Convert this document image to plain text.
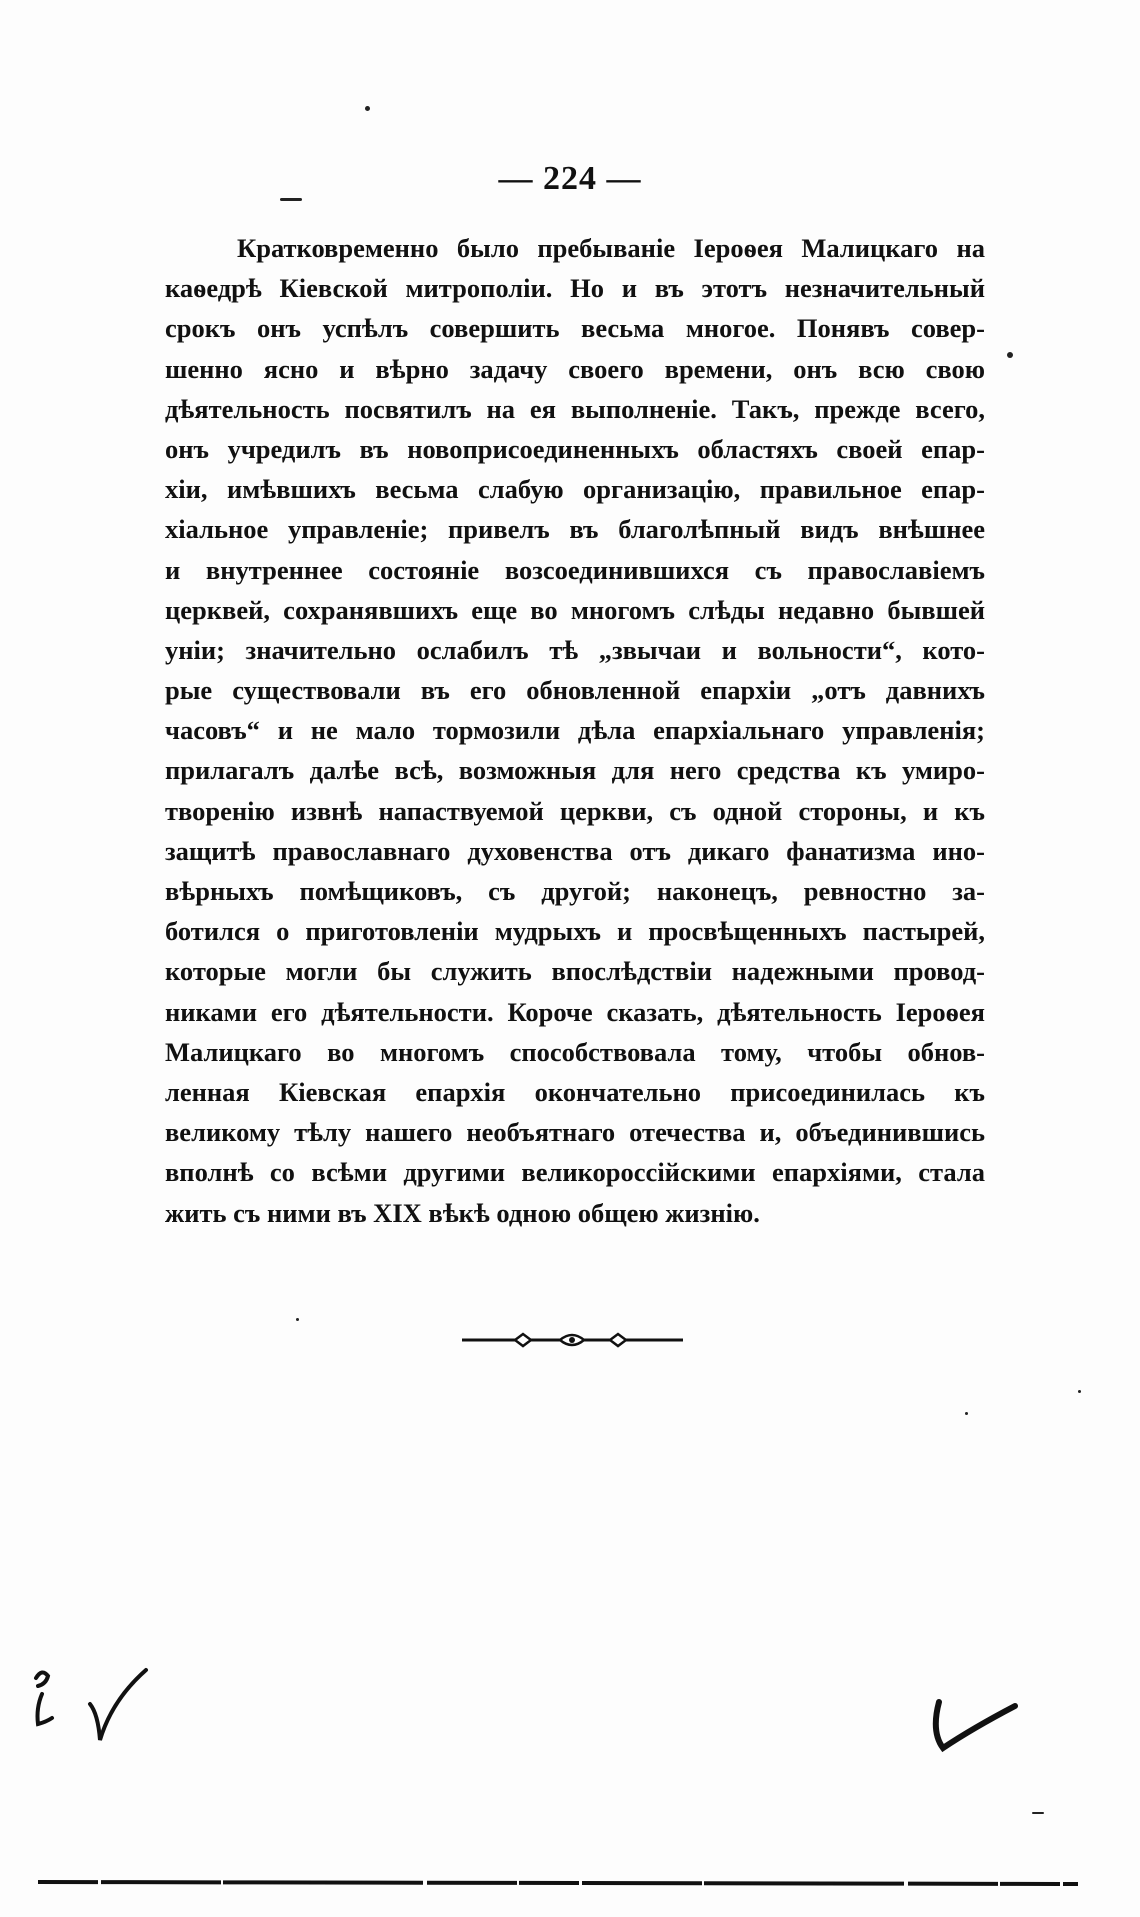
— 224 —
Кратковременно было пребываніе Іероѳея Малицкаго на
каѳедрѣ Кіевской митрополіи. Но и въ этотъ незначительный
срокъ онъ успѣлъ совершить весьма многое. Понявъ совер-
шенно ясно и вѣрно задачу своего времени, онъ всю свою
дѣятельность посвятилъ на ея выполненіе. Такъ, прежде всего,
онъ учредилъ въ новоприсоединенныхъ областяхъ своей епар-
хіи, имѣвшихъ весьма слабую организацію, правильное епар-
хіальное управленіе; привелъ въ благолѣпный видъ внѣшнее
и внутреннее состояніе возсоединившихся съ православіемъ
церквей, сохранявшихъ еще во многомъ слѣды недавно бывшей
уніи; значительно ослабилъ тѣ „звычаи и вольности“, кото-
рые существовали въ его обновленной епархіи „отъ давнихъ
часовъ“ и не мало тормозили дѣла епархіальнаго управленія;
прилагалъ далѣе всѣ, возможныя для него средства къ умиро-
творенію извнѣ напаствуемой церкви, съ одной стороны, и къ
защитѣ православнаго духовенства отъ дикаго фанатизма ино-
вѣрныхъ помѣщиковъ, съ другой; наконецъ, ревностно за-
ботился о приготовленіи мудрыхъ и просвѣщенныхъ пастырей,
которые могли бы служить впослѣдствіи надежными провод-
никами его дѣятельности. Короче сказать, дѣятельность Іероѳея
Малицкаго во многомъ способствовала тому, чтобы обнов-
ленная Кіевская епархія окончательно присоединилась къ
великому тѣлу нашего необъятнаго отечества и, объединившись
вполнѣ со всѣми другими великороссійскими епархіями, стала
жить съ ними въ XIX вѣкѣ одною общею жизнію.
